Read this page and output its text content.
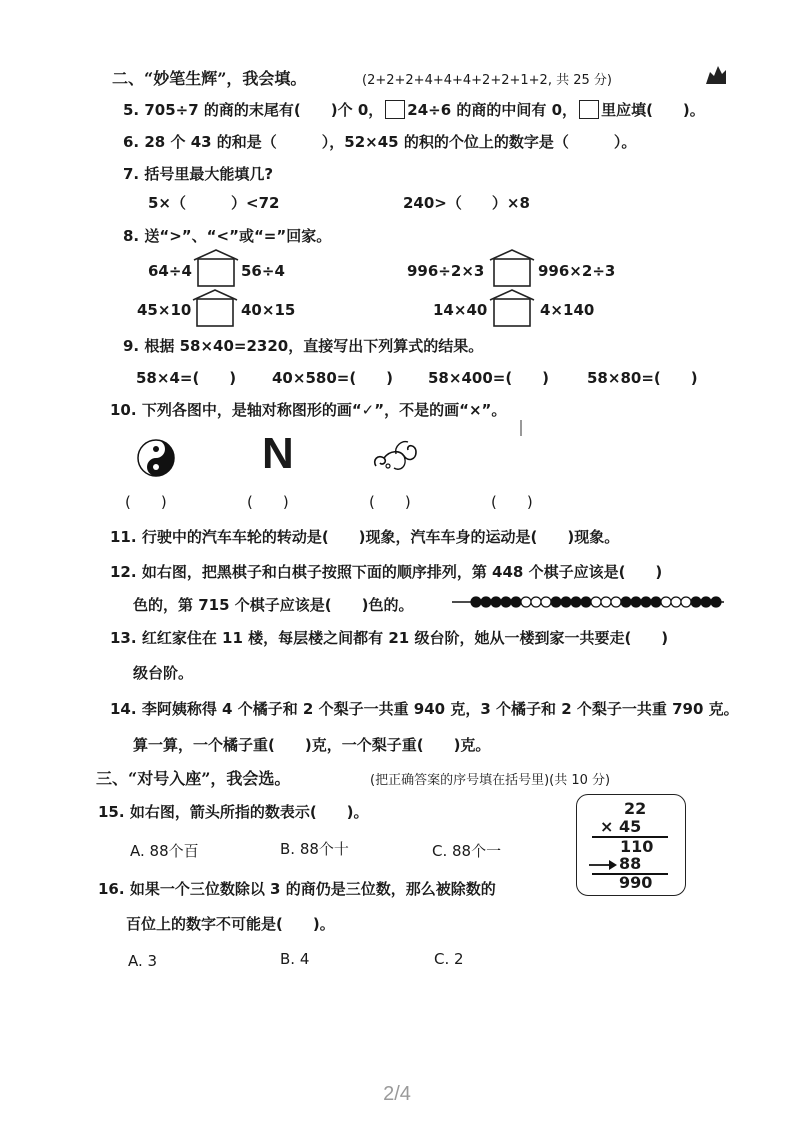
二、“妙笔生辉”，我会填。	(2+2+2+4+4+4+2+2+1+2, 共 25 分)
5. 705÷7 的商的末尾有(　　)个 0， 24÷6 的商的中间有 0， 里应填(　　)。
6. 28 个 43 的和是（　　　），52×45 的积的个位上的数字是（　　　）。
7. 括号里最大能填几?
5×（　　　）<72	240>（　　）×8
8. 送“>”、“<”或“=”回家。
64÷4	56÷4	996÷2×3	996×2÷3
45×10	40×15	14×40	4×140
9. 根据 58×40=2320，直接写出下列算式的结果。
58×4=(　　) 40×580=(　　) 58×400=(　　)	58×80=(　　)
10. 下列各图中，是轴对称图形的画“✓”，不是的画“×”。
N
(　　)	(　　)	(　　)	(　　)
11. 行驶中的汽车车轮的转动是(　　)现象，汽车车身的运动是(　　)现象。
12. 如右图，把黑棋子和白棋子按照下面的顺序排列，第 448 个棋子应该是(　　)
色的，第 715 个棋子应该是(　　)色的。
13. 红红家住在 11 楼，每层楼之间都有 21 级台阶，她从一楼到家一共要走(　　)
级台阶。
14. 李阿姨称得 4 个橘子和 2 个梨子一共重 940 克，3 个橘子和 2 个梨子一共重 790 克。
算一算，一个橘子重(　　)克，一个梨子重(　　)克。
三、“对号入座”，我会选。	(把正确答案的序号填在括号里)(共 10 分)
15. 如右图，箭头所指的数表示(　　)。
A. 88个百	B. 88个十	C. 88个一
22
× 45
110
88
990
16. 如果一个三位数除以 3 的商仍是三位数，那么被除数的
百位上的数字不可能是(　　)。
A. 3	B. 4	C. 2
2/4
